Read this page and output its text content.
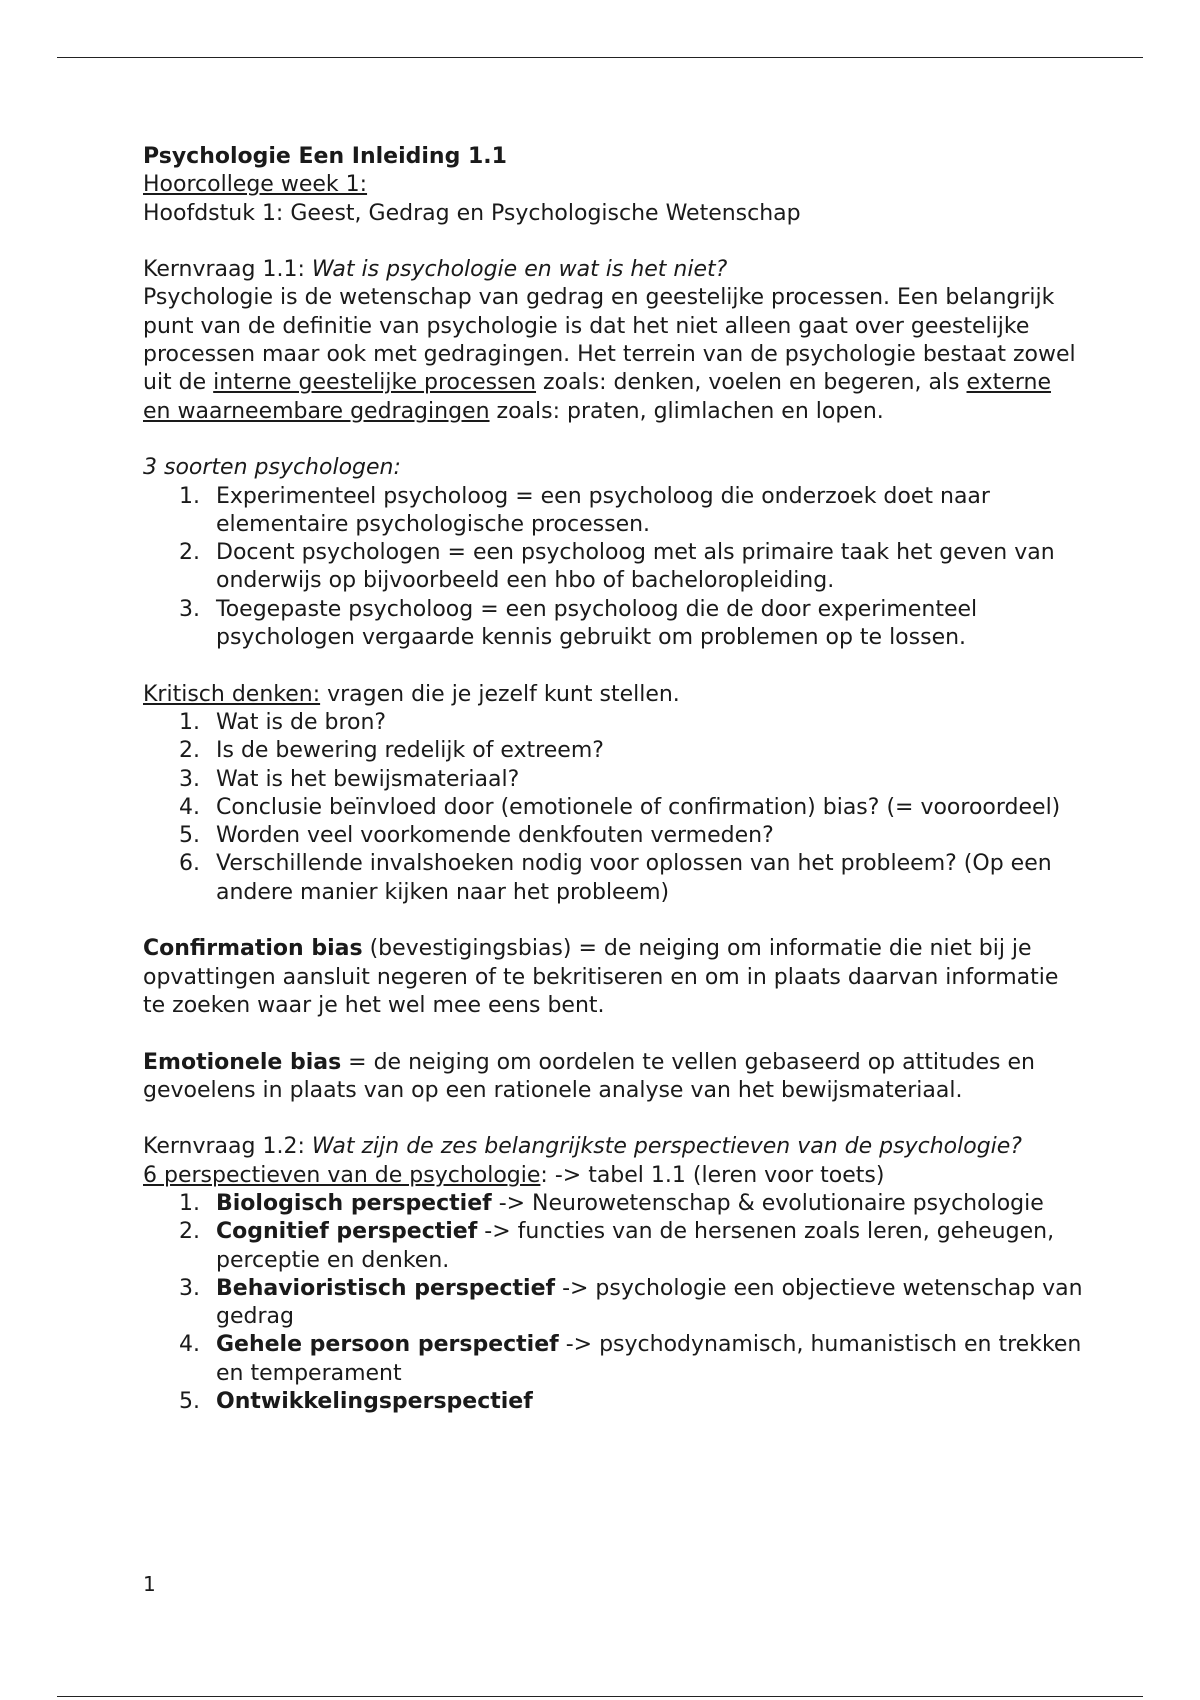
Psychologie Een Inleiding 1.1

Hoorcollege week 1:

Hoofdstuk 1: Geest, Gedrag en Psychologische Wetenschap

Kernvraag 1.1: Wat is psychologie en wat is het niet?

Psychologie is de wetenschap van gedrag en geestelijke processen. Een belangrijk punt van de definitie van psychologie is dat het niet alleen gaat over geestelijke processen maar ook met gedragingen. Het terrein van de psychologie bestaat zowel uit de interne geestelijke processen zoals: denken, voelen en begeren, als externe en waarneembare gedragingen zoals: praten, glimlachen en lopen.

3 soorten psychologen:

1. Experimenteel psycholoog = een psycholoog die onderzoek doet naar elementaire psychologische processen.
2. Docent psychologen = een psycholoog met als primaire taak het geven van onderwijs op bijvoorbeeld een hbo of bacheloropleiding.
3. Toegepaste psycholoog = een psycholoog die de door experimenteel psychologen vergaarde kennis gebruikt om problemen op te lossen.

Kritisch denken: vragen die je jezelf kunt stellen.

1. Wat is de bron?
2. Is de bewering redelijk of extreem?
3. Wat is het bewijsmateriaal?
4. Conclusie beïnvloed door (emotionele of confirmation) bias? (= vooroordeel)
5. Worden veel voorkomende denkfouten vermeden?
6. Verschillende invalshoeken nodig voor oplossen van het probleem? (Op een andere manier kijken naar het probleem)

Confirmation bias (bevestigingsbias) = de neiging om informatie die niet bij je opvattingen aansluit negeren of te bekritiseren en om in plaats daarvan informatie te zoeken waar je het wel mee eens bent.

Emotionele bias = de neiging om oordelen te vellen gebaseerd op attitudes en gevoelens in plaats van op een rationele analyse van het bewijsmateriaal.

Kernvraag 1.2: Wat zijn de zes belangrijkste perspectieven van de psychologie?

6 perspectieven van de psychologie: -> tabel 1.1 (leren voor toets)

1. Biologisch perspectief -> Neurowetenschap & evolutionaire psychologie
2. Cognitief perspectief -> functies van de hersenen zoals leren, geheugen, perceptie en denken.
3. Behavioristisch perspectief -> psychologie een objectieve wetenschap van gedrag
4. Gehele persoon perspectief -> psychodynamisch, humanistisch en trekken en temperament
5. Ontwikkelingsperspectief
1
